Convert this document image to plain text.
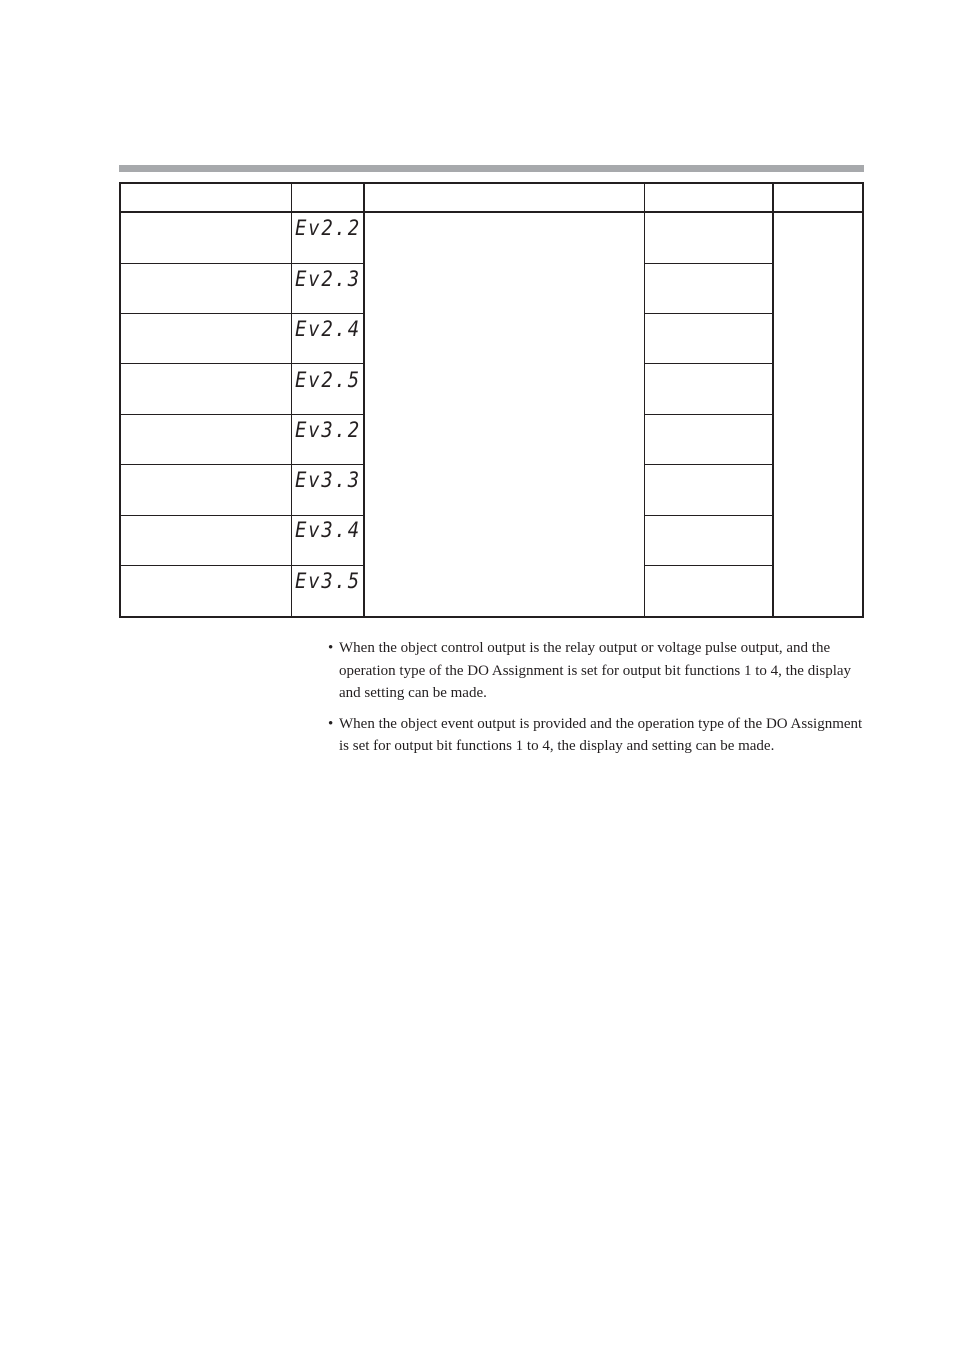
Ev2.2
Ev2.3
Ev2.4
Ev2.5
Ev3.2
Ev3.3
Ev3.4
Ev3.5

• When the object control output is the relay output or voltage pulse output, and the operation type of the DO Assignment is set for output bit functions 1 to 4, the display and setting can be made.

• When the object event output is provided and the operation type of the DO Assignment is set for output bit functions 1 to 4, the display and setting can be made.
